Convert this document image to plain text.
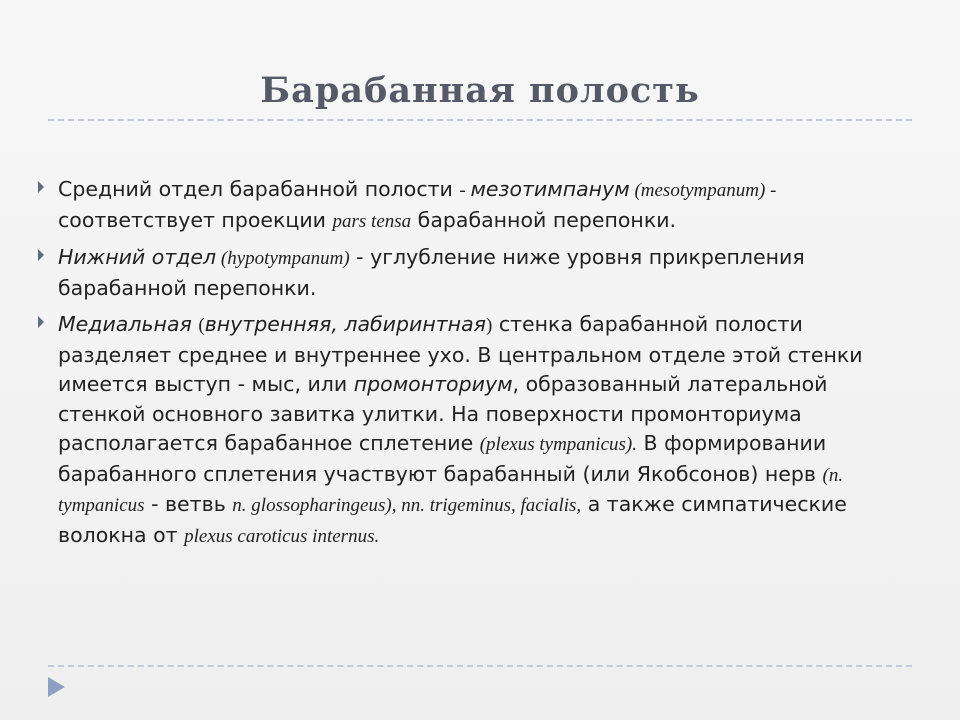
Барабанная полость
Средний отдел барабанной полости - мезотимпанум (mesotympanum) - соответствует проекции pars tensa барабанной перепонки.
Нижний отдел (hypotympanum) - углубление ниже уровня прикрепления барабанной перепонки.
Медиальная (внутренняя, лабиринтная) стенка барабанной полости разделяет среднее и внутреннее ухо. В центральном отделе этой стенки имеется выступ - мыс, или промонториум, образованный латеральной стенкой основного завитка улитки. На поверхности промонториума располагается барабанное сплетение (plexus tympanicus). В формировании барабанного сплетения участвуют барабанный (или Якобсонов) нерв (n. tympanicus - ветвь n. glossopharingeus), nn. trigeminus, facialis, а также симпатические волокна от plexus caroticus internus.
